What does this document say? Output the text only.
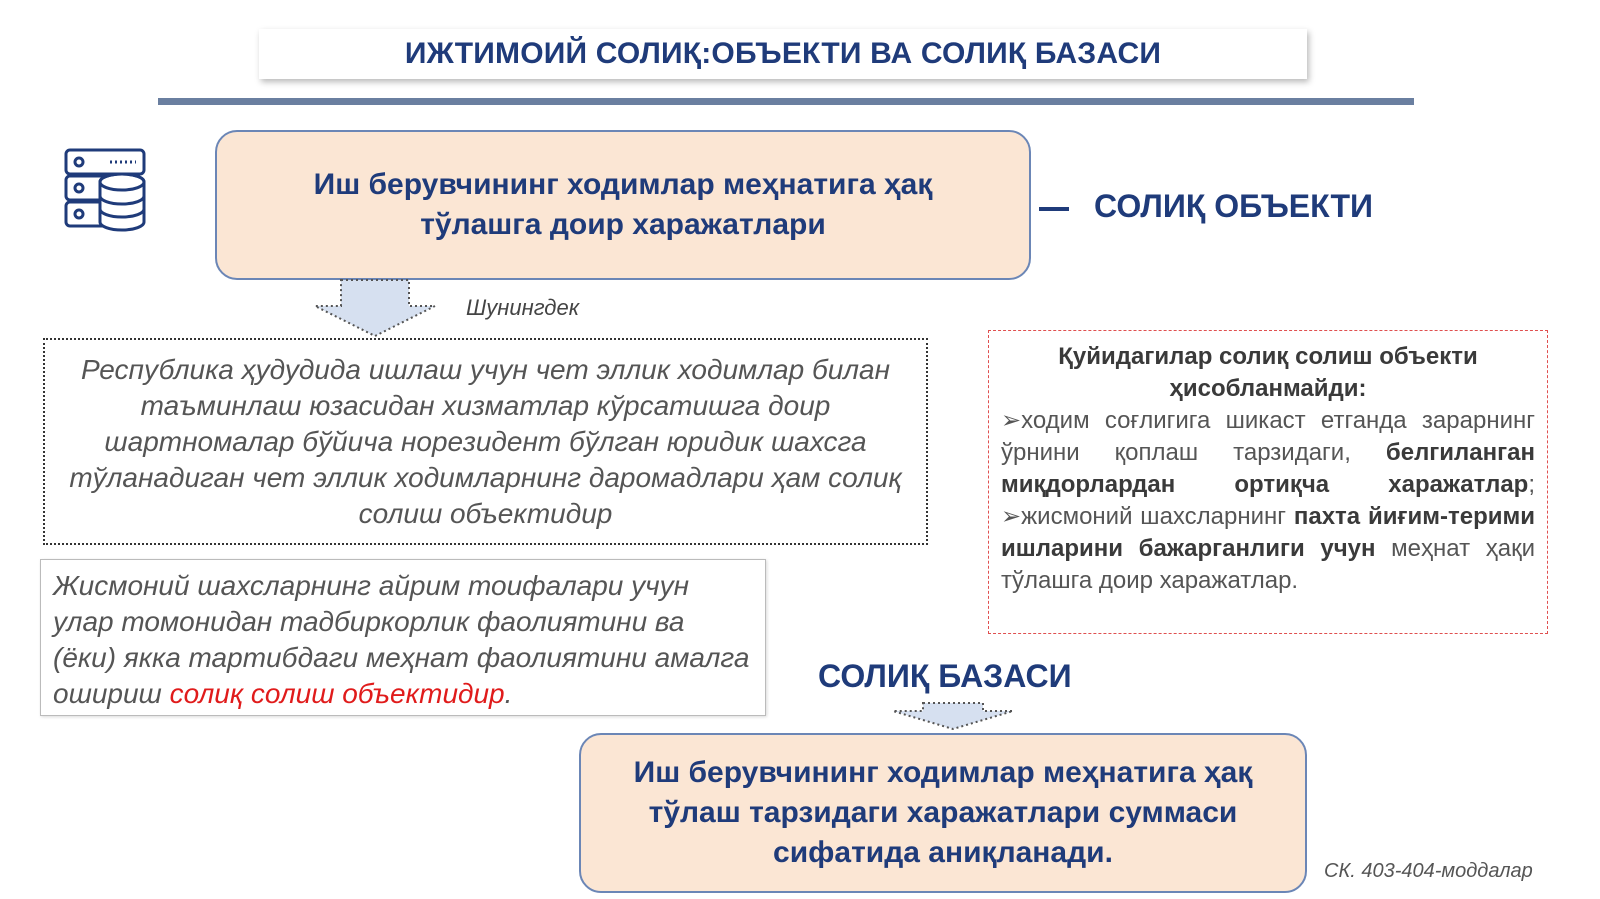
ИЖТИМОИЙ СОЛИҚ:ОБЪЕКТИ ВА СОЛИҚ БАЗАСИ
Иш берувчининг ходимлар меҳнатига ҳақ тўлашга доир харажатлари
СОЛИҚ ОБЪЕКТИ
Шунингдек
Республика ҳудудида ишлаш учун чет эллик ходимлар билан таъминлаш юзасидан хизматлар кўрсатишга доир шартномалар бўйича норезидент бўлган юридик шахсга тўланадиган чет эллик ходимларнинг даромадлари ҳам солиқ солиш объектидир
Жисмоний шахсларнинг айрим тоифалари учун улар томонидан тадбиркорлик фаолиятини ва (ёки) якка тартибдаги меҳнат фаолиятини амалга ошириш солиқ солиш объектидир.
Қуйидагилар солиқ солиш объекти ҳисобланмайди:
➢ходим соғлигига шикаст етганда зарарнинг ўрнини қоплаш тарзидаги, белгиланган миқдорлардан ортиқча харажатлар;
➢жисмоний шахсларнинг пахта йиғим-терими ишларини бажарганлиги учун меҳнат ҳақи тўлашга доир харажатлар.
СОЛИҚ БАЗАСИ
Иш берувчининг ходимлар меҳнатига ҳақ тўлаш тарзидаги харажатлари суммаси сифатида аниқланади.
СК. 403-404-моддалар
